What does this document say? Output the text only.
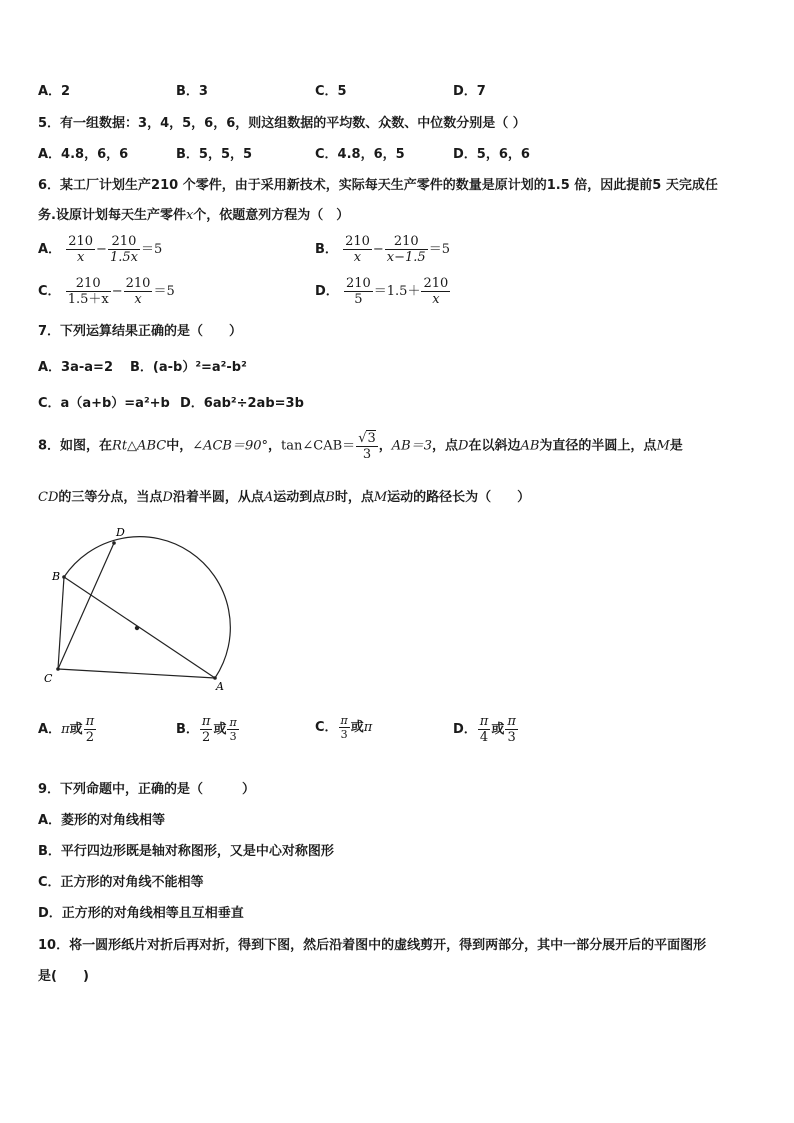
A．2	B．3	C．5	D．7
5．有一组数据：3，4，5，6，6，则这组数据的平均数、众数、中位数分别是（ ）
A．4.8，6，6	B．5，5，5	C．4.8，6，5	D．5，6，6
6．某工厂计划生产210 个零件，由于采用新技术，实际每天生产零件的数量是原计划的1.5 倍，因此提前5 天完成任
务.设原计划每天生产零件x个，依题意列方程为（　）
A． $\frac{210}{x} - \frac{210}{1.5x} =5$	B． $\frac{210}{x} - \frac{210}{x-1.5} =5$
C． $\frac{210}{1.5+x} - \frac{210}{x} =5$	D． $\frac{210}{5} =1.5+ \frac{210}{x}$
7．下列运算结果正确的是（　　）
A．3a-a=2 B．(a-b）²=a²-b²
C．a（a+b）=a²+b D．6ab²÷2ab=3b
8．如图，在Rt△ABC中，∠ACB＝90°，tan∠CAB＝ $\frac{√3}{3}$ ，AB＝3，点D在以斜边AB为直径的半圆上，点M是
CD的三等分点，当点D沿着半圆，从点A运动到点B时，点M运动的路径长为（　　）
D
B
C
A
A．π或 $\frac{\pi}{2}$	B． $\frac{\pi}{2}$ 或 $\frac{\pi}{3}$	C． $\frac{\pi}{3}$ 或π	D． $\frac{\pi}{4}$ 或 $\frac{\pi}{3}$
9．下列命题中，正确的是（　　　）
A．菱形的对角线相等
B．平行四边形既是轴对称图形，又是中心对称图形
C．正方形的对角线不能相等
D．正方形的对角线相等且互相垂直
10．将一圆形纸片对折后再对折，得到下图，然后沿着图中的虚线剪开，得到两部分，其中一部分展开后的平面图形
是(　　)
